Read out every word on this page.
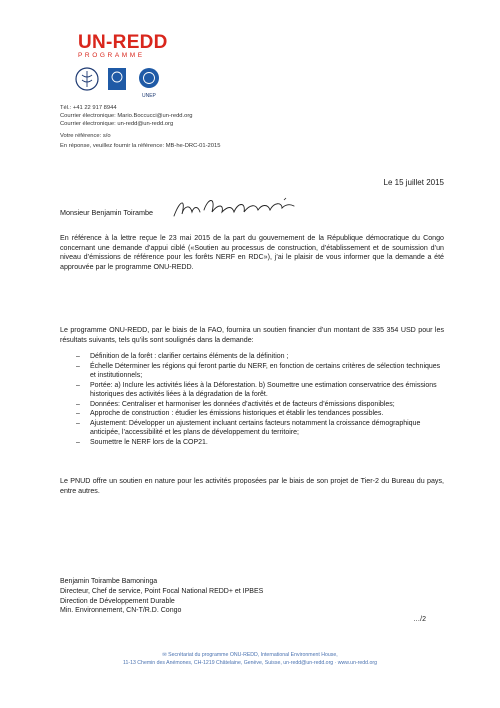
UN-REDD
PROGRAMME
UNEP
Tél.: +41 22 917 8944
Courrier électronique: Mario.Boccucci@un-redd.org
Courrier électronique: un-redd@un-redd.org
Votre référence: s/o
En réponse, veuillez fournir la référence: MB-he-DRC-01-2015
Le 15 juillet 2015
Monsieur Benjamin Toirambe
En référence à la lettre reçue le 23 mai 2015 de la part du gouvernement de la République démocratique du Congo concernant une demande d’appui ciblé («Soutien au processus de construction, d’établissement et de soumission d’un niveau d’émissions de référence pour les forêts NERF en RDC»), j’ai le plaisir de vous informer que la demande a été approuvée par le programme ONU-REDD.
Le programme ONU-REDD, par le biais de la FAO, fournira un soutien financier d’un montant de 335 354 USD pour les résultats suivants, tels qu’ils sont soulignés dans la demande:
– Définition de la forêt : clarifier certains éléments de la définition ;
– Échelle Déterminer les régions qui feront partie du NERF, en fonction de certains critères de sélection techniques et institutionnels;
– Portée: a) Inclure les activités liées à la Déforestation. b) Soumettre une estimation conservatrice des émissions historiques des activités liées à la dégradation de la forêt.
– Données: Centraliser et harmoniser les données d’activités et de facteurs d’émissions disponibles;
– Approche de construction : étudier les émissions historiques et établir les tendances possibles.
– Ajustement: Développer un ajustement incluant certains facteurs notamment la croissance démographique anticipée, l’accessibilité et les plans de développement du territoire;
– Soumettre le NERF lors de la COP21.
Le PNUD offre un soutien en nature pour les activités proposées par le biais de son projet de Tier-2 du Bureau du pays, entre autres.
Benjamin Toirambe Bamoninga
Directeur, Chef de service, Point Focal National REDD+ et IPBES
Direction de Développement Durable
Min. Environnement, CN-T/R.D. Congo
…/2
✉ Secrétariat du programme ONU-REDD, International Environment House,
11-13 Chemin des Anémones, CH-1219 Châtelaine, Genève, Suisse, un-redd@un-redd.org · www.un-redd.org
